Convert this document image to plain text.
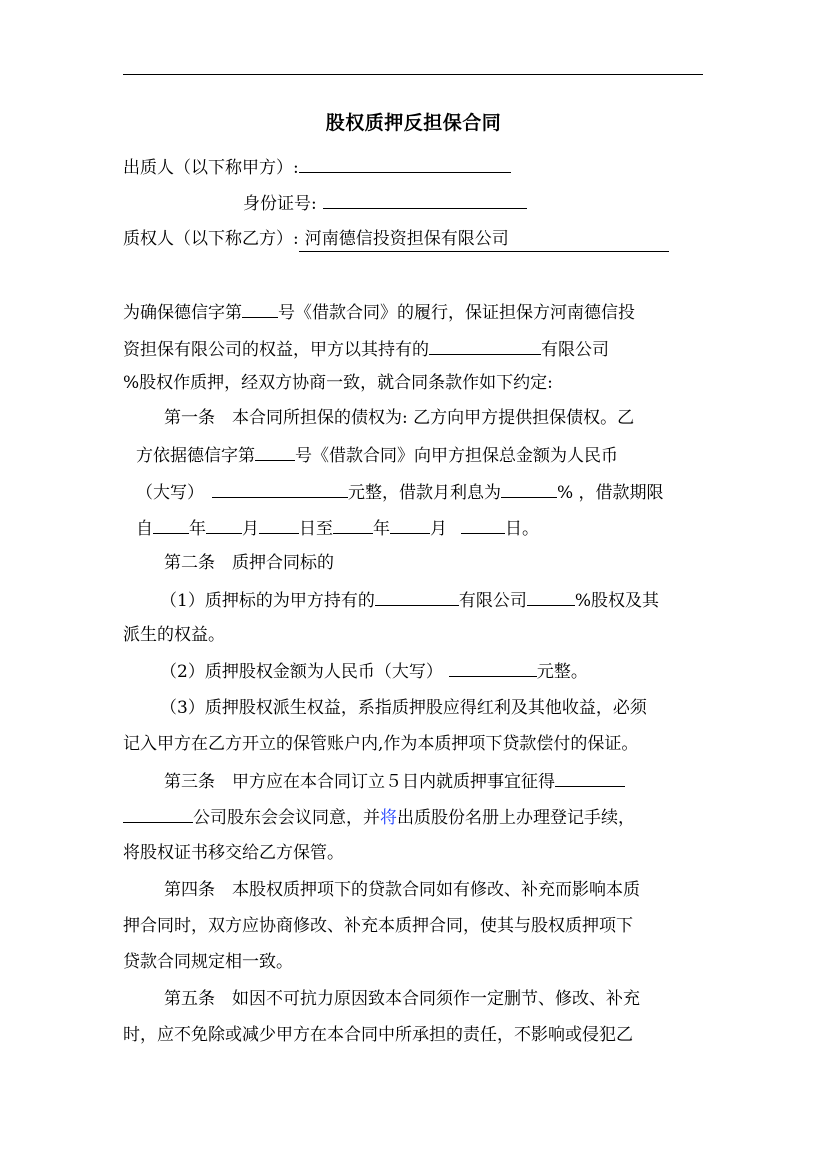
股权质押反担保合同
出质人（以下称甲方）:
身份证号:
质权人（以下称乙方）: 河南德信投资担保有限公司
为确保德信字第 号《借款合同》的履行，保证担保方河南德信投
资担保有限公司的权益，甲方以其持有的	有限公司
%股权作质押，经双方协商一致，就合同条款作如下约定:
第一条　本合同所担保的债权为: 乙方向甲方提供担保债权。乙
方依据德信字第 号《借款合同》向甲方担保总金额为人民币
（大写）	元整，借款月利息为	% ，借款期限
自 年 月 日至 年 月	日。
第二条　质押合同标的
（1）质押标的为甲方持有的	有限公司	%股权及其
派生的权益。
（2）质押股权金额为人民币（大写）	元整。
（3）质押股权派生权益，系指质押股应得红利及其他收益，必须
记入甲方在乙方开立的保管账户内,作为本质押项下贷款偿付的保证。
第三条　甲方应在本合同订立５日内就质押事宜征得
公司股东会会议同意，并将出质股份名册上办理登记手续，
将股权证书移交给乙方保管。
第四条　本股权质押项下的贷款合同如有修改、补充而影响本质
押合同时，双方应协商修改、补充本质押合同，使其与股权质押项下
贷款合同规定相一致。
第五条　如因不可抗力原因致本合同须作一定删节、修改、补充
时，应不免除或减少甲方在本合同中所承担的责任，不影响或侵犯乙
